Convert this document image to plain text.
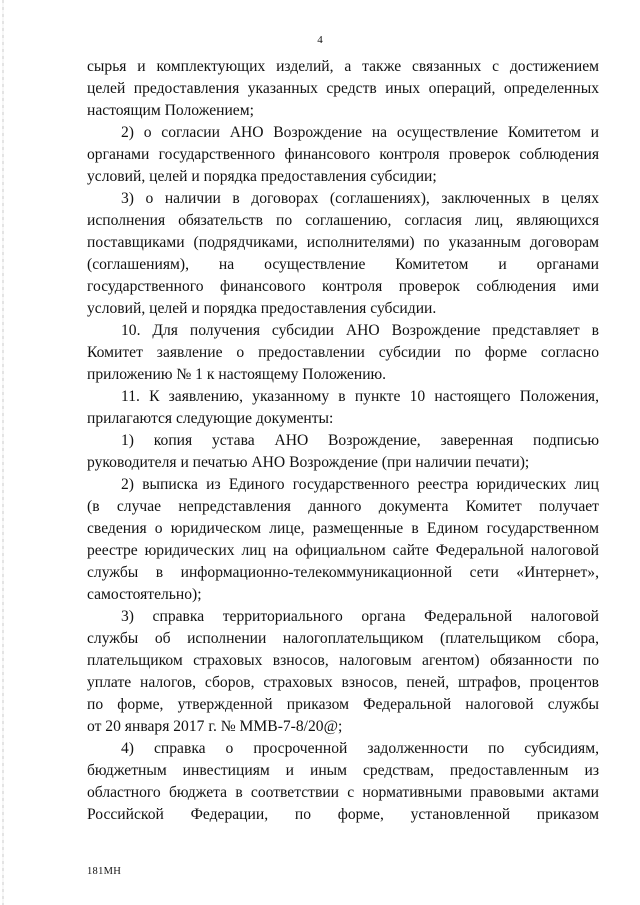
4
сырья и комплектующих изделий, а также связанных с достижением
целей предоставления указанных средств иных операций, определенных
настоящим Положением;
2) о согласии АНО Возрождение на осуществление Комитетом и
органами государственного финансового контроля проверок соблюдения
условий, целей и порядка предоставления субсидии;
3) о наличии в договорах (соглашениях), заключенных в целях
исполнения обязательств по соглашению, согласия лиц, являющихся
поставщиками (подрядчиками, исполнителями) по указанным договорам
(соглашениям), на осуществление Комитетом и органами
государственного финансового контроля проверок соблюдения ими
условий, целей и порядка предоставления субсидии.
10. Для получения субсидии АНО Возрождение представляет в
Комитет заявление о предоставлении субсидии по форме согласно
приложению № 1 к настоящему Положению.
11. К заявлению, указанному в пункте 10 настоящего Положения,
прилагаются следующие документы:
1) копия устава АНО Возрождение, заверенная подписью
руководителя и печатью АНО Возрождение (при наличии печати);
2) выписка из Единого государственного реестра юридических лиц
(в случае непредставления данного документа Комитет получает
сведения о юридическом лице, размещенные в Едином государственном
реестре юридических лиц на официальном сайте Федеральной налоговой
службы в информационно-телекоммуникационной сети «Интернет»,
самостоятельно);
3) справка территориального органа Федеральной налоговой
службы об исполнении налогоплательщиком (плательщиком сбора,
плательщиком страховых взносов, налоговым агентом) обязанности по
уплате налогов, сборов, страховых взносов, пеней, штрафов, процентов
по форме, утвержденной приказом Федеральной налоговой службы
от 20 января 2017 г. № ММВ-7-8/20@;
4) справка о просроченной задолженности по субсидиям,
бюджетным инвестициям и иным средствам, предоставленным из
областного бюджета в соответствии с нормативными правовыми актами
Российской Федерации, по форме, установленной приказом
181МН
